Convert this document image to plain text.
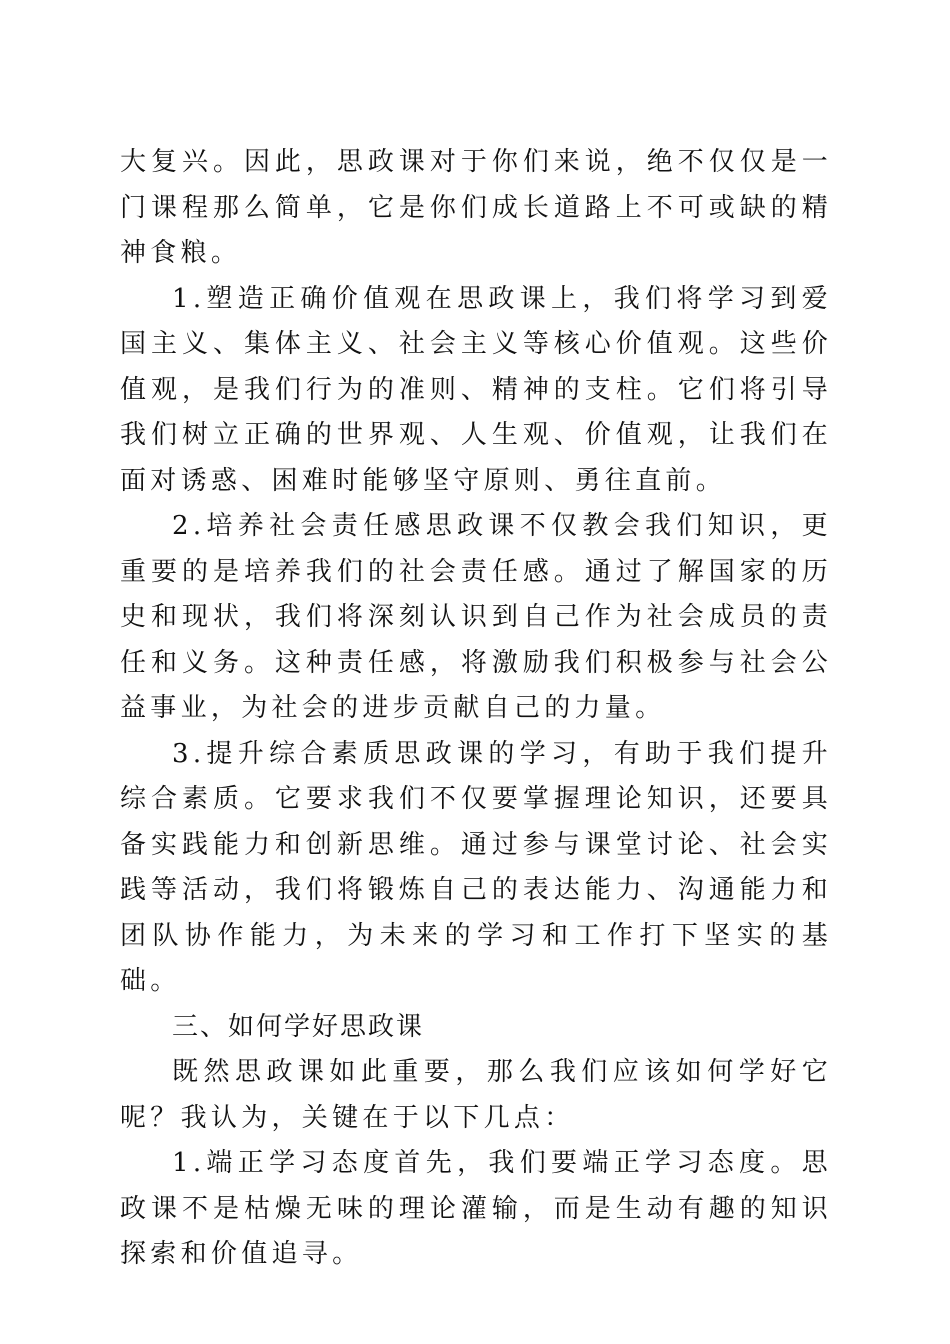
大复兴。因此，思政课对于你们来说，绝不仅仅是一门课程那么简单，它是你们成长道路上不可或缺的精神食粮。

1.塑造正确价值观在思政课上，我们将学习到爱国主义、集体主义、社会主义等核心价值观。这些价值观，是我们行为的准则、精神的支柱。它们将引导我们树立正确的世界观、人生观、价值观，让我们在面对诱惑、困难时能够坚守原则、勇往直前。

2.培养社会责任感思政课不仅教会我们知识，更重要的是培养我们的社会责任感。通过了解国家的历史和现状，我们将深刻认识到自己作为社会成员的责任和义务。这种责任感，将激励我们积极参与社会公益事业，为社会的进步贡献自己的力量。

3.提升综合素质思政课的学习，有助于我们提升综合素质。它要求我们不仅要掌握理论知识，还要具备实践能力和创新思维。通过参与课堂讨论、社会实践等活动，我们将锻炼自己的表达能力、沟通能力和团队协作能力，为未来的学习和工作打下坚实的基础。

三、如何学好思政课

既然思政课如此重要，那么我们应该如何学好它呢？我认为，关键在于以下几点：

1.端正学习态度首先，我们要端正学习态度。思政课不是枯燥无味的理论灌输，而是生动有趣的知识探索和价值追寻。
